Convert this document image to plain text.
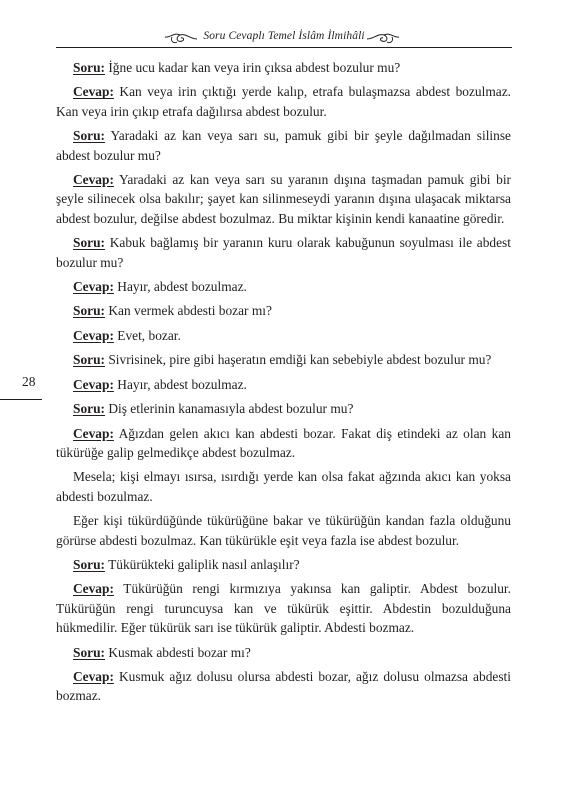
Soru Cevaplı Temel İslâm İlmihâli
28

Soru: İğne ucu kadar kan veya irin çıksa abdest bozulur mu?

Cevap: Kan veya irin çıktığı yerde kalıp, etrafa bulaşmazsa abdest bozulmaz. Kan veya irin çıkıp etrafa dağılırsa abdest bozulur.

Soru: Yaradaki az kan veya sarı su, pamuk gibi bir şeyle dağılmadan silinse abdest bozulur mu?

Cevap: Yaradaki az kan veya sarı su yaranın dışına taşmadan pamuk gibi bir şeyle silinecek olsa bakılır; şayet kan silinmeseydi yaranın dışına ulaşacak miktarsa abdest bozulur, değilse abdest bozulmaz. Bu miktar kişinin kendi kanaatine göredir.

Soru: Kabuk bağlamış bir yaranın kuru olarak kabuğunun soyulması ile abdest bozulur mu?

Cevap: Hayır, abdest bozulmaz.

Soru: Kan vermek abdesti bozar mı?

Cevap: Evet, bozar.

Soru: Sivrisinek, pire gibi haşeratın emdiği kan sebebiyle abdest bozulur mu?

Cevap: Hayır, abdest bozulmaz.

Soru: Diş etlerinin kanamasıyla abdest bozulur mu?

Cevap: Ağızdan gelen akıcı kan abdesti bozar. Fakat diş etindeki az olan kan tükürüğe galip gelmedikçe abdest bozulmaz.

Mesela; kişi elmayı ısırsa, ısırdığı yerde kan olsa fakat ağzında akıcı kan yoksa abdesti bozulmaz.

Eğer kişi tükürdüğünde tükürüğüne bakar ve tükürüğün kandan fazla olduğunu görürse abdesti bozulmaz. Kan tükürükle eşit veya fazla ise abdest bozulur.

Soru: Tükürükteki galiplik nasıl anlaşılır?

Cevap: Tükürüğün rengi kırmızıya yakınsa kan galiptir. Abdest bozulur. Tükürüğün rengi turuncuysa kan ve tükürük eşittir. Abdestin bozulduğuna hükmedilir. Eğer tükürük sarı ise tükürük galiptir. Abdesti bozmaz.

Soru: Kusmak abdesti bozar mı?

Cevap: Kusmuk ağız dolusu olursa abdesti bozar, ağız dolusu olmazsa abdesti bozmaz.
